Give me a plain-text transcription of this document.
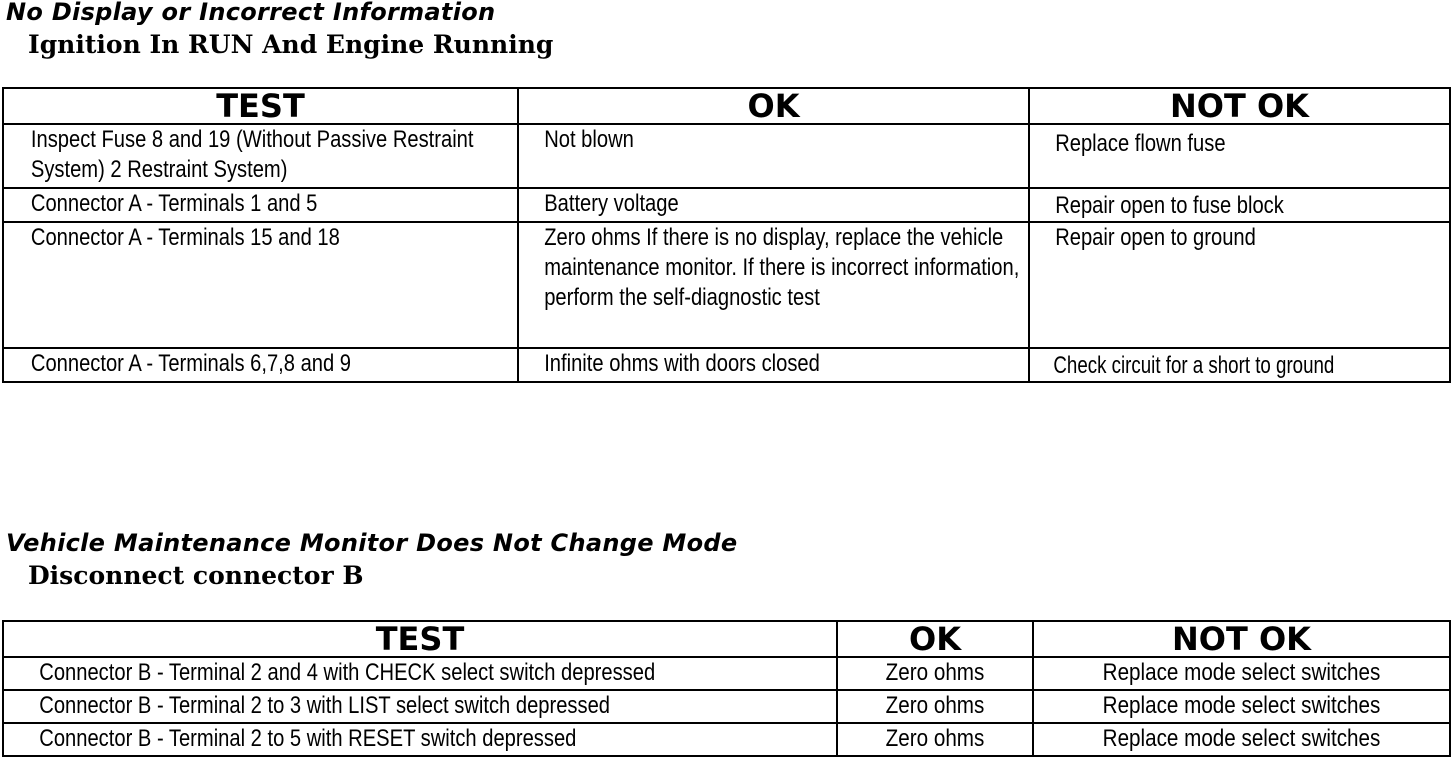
No Display or Incorrect Information
Ignition In RUN And Engine Running
TEST	OK	NOT OK

Inspect Fuse 8 and 19 (Without Passive Restraint System) 2 Restraint System)	Not blown	Replace flown fuse

Connector A - Terminals 1 and 5	Battery voltage	Repair open to fuse block

Connector A - Terminals 15 and 18	Zero ohms If there is no display, replace the vehicle maintenance monitor. If there is incorrect information, perform the self-diagnostic test	Repair open to ground

Connector A - Terminals 6,7,8 and 9	Infinite ohms with doors closed	Check circuit for a short to ground
Vehicle Maintenance Monitor Does Not Change Mode
Disconnect connector B
TEST	OK	NOT OK

Connector B - Terminal 2 and 4 with CHECK select switch depressed	Zero ohms	Replace mode select switches

Connector B - Terminal 2 to 3 with LIST select switch depressed	Zero ohms	Replace mode select switches

Connector B - Terminal 2 to 5 with RESET switch depressed	Zero ohms	Replace mode select switches
